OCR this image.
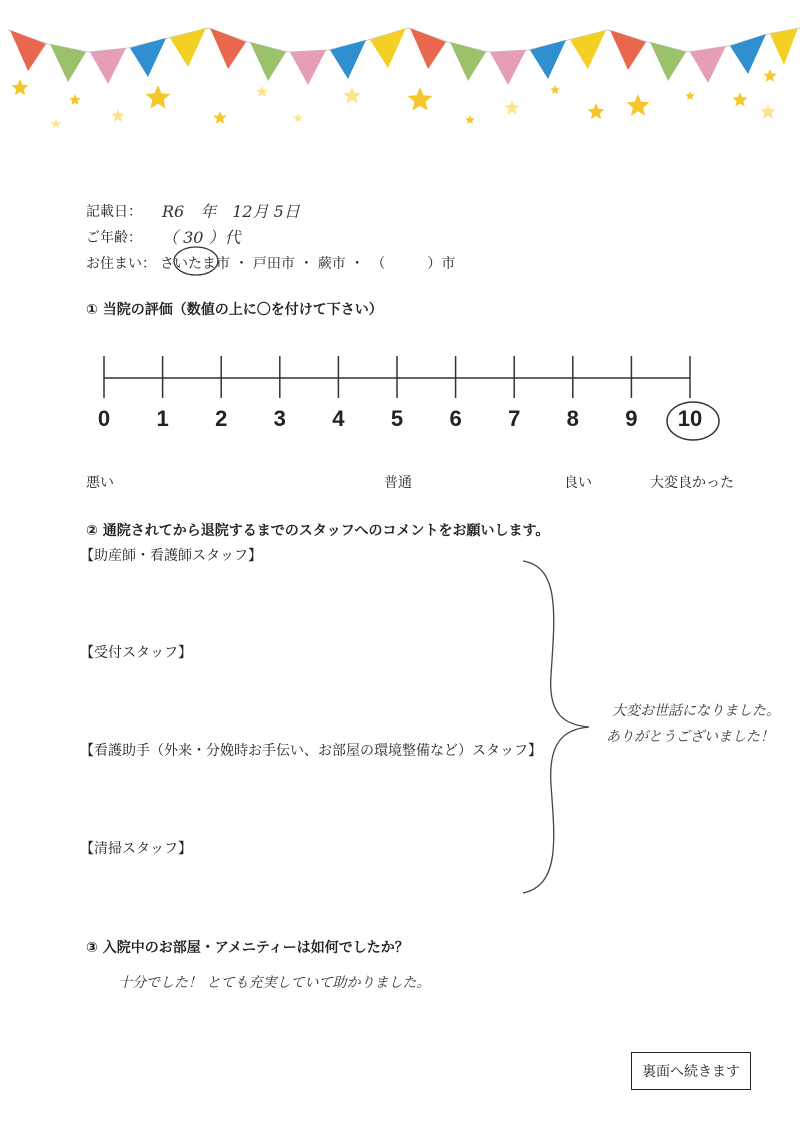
記載日： R6　年　12月 5日
ご年齢： （ 30 ）代
お住まい： さいたま市 ・ 戸田市 ・ 蕨市 ・　（　　　）市
① 当院の評価（数値の上に〇を付けて下さい）
0	1	2	3	4	5	6	7	8	9	10
悪い	普通	良い	大変良かった
② 通院されてから退院するまでのスタッフへのコメントをお願いします。
【助産師・看護師スタッフ】
【受付スタッフ】
【看護助手（外来・分娩時お手伝い、お部屋の環境整備など）スタッフ】
【清掃スタッフ】
大変お世話になりました。
ありがとうございました！
③ 入院中のお部屋・アメニティーは如何でしたか？
十分でした！ とても充実していて助かりました。
裏面へ続きます
